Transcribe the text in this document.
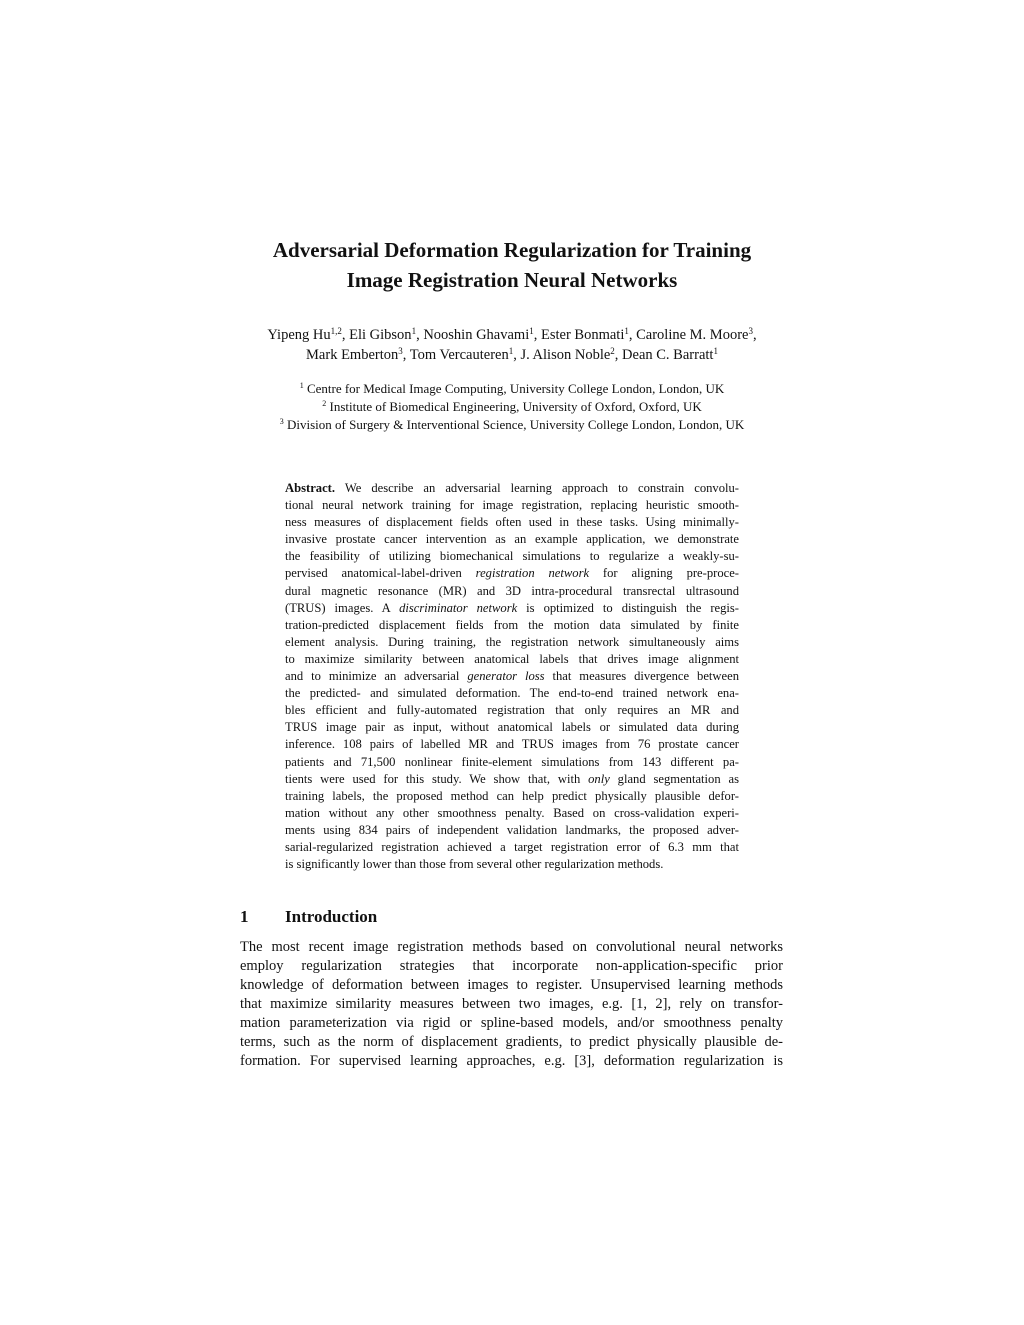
Adversarial Deformation Regularization for Training
Image Registration Neural Networks
Yipeng Hu$^{1,2}$, Eli Gibson$^1$, Nooshin Ghavami$^1$, Ester Bonmati$^1$, Caroline M. Moore$^3$,
Mark Emberton$^3$, Tom Vercauteren$^1$, J. Alison Noble$^2$, Dean C. Barratt$^1$
$^1$ Centre for Medical Image Computing, University College London, London, UK
$^2$ Institute of Biomedical Engineering, University of Oxford, Oxford, UK
$^3$ Division of Surgery & Interventional Science, University College London, London, UK
Abstract. We describe an adversarial learning approach to constrain convolu-
tional neural network training for image registration, replacing heuristic smooth-
ness measures of displacement fields often used in these tasks. Using minimally-
invasive prostate cancer intervention as an example application, we demonstrate
the feasibility of utilizing biomechanical simulations to regularize a weakly-su-
pervised anatomical-label-driven registration network for aligning pre-proce-
dural magnetic resonance (MR) and 3D intra-procedural transrectal ultrasound
(TRUS) images. A discriminator network is optimized to distinguish the regis-
tration-predicted displacement fields from the motion data simulated by finite
element analysis. During training, the registration network simultaneously aims
to maximize similarity between anatomical labels that drives image alignment
and to minimize an adversarial generator loss that measures divergence between
the predicted- and simulated deformation. The end-to-end trained network ena-
bles efficient and fully-automated registration that only requires an MR and
TRUS image pair as input, without anatomical labels or simulated data during
inference. 108 pairs of labelled MR and TRUS images from 76 prostate cancer
patients and 71,500 nonlinear finite-element simulations from 143 different pa-
tients were used for this study. We show that, with only gland segmentation as
training labels, the proposed method can help predict physically plausible defor-
mation without any other smoothness penalty. Based on cross-validation experi-
ments using 834 pairs of independent validation landmarks, the proposed adver-
sarial-regularized registration achieved a target registration error of 6.3 mm that
is significantly lower than those from several other regularization methods.
1 Introduction
The most recent image registration methods based on convolutional neural networks
employ regularization strategies that incorporate non-application-specific prior
knowledge of deformation between images to register. Unsupervised learning methods
that maximize similarity measures between two images, e.g. [1, 2], rely on transfor-
mation parameterization via rigid or spline-based models, and/or smoothness penalty
terms, such as the norm of displacement gradients, to predict physically plausible de-
formation. For supervised learning approaches, e.g. [3], deformation regularization is
